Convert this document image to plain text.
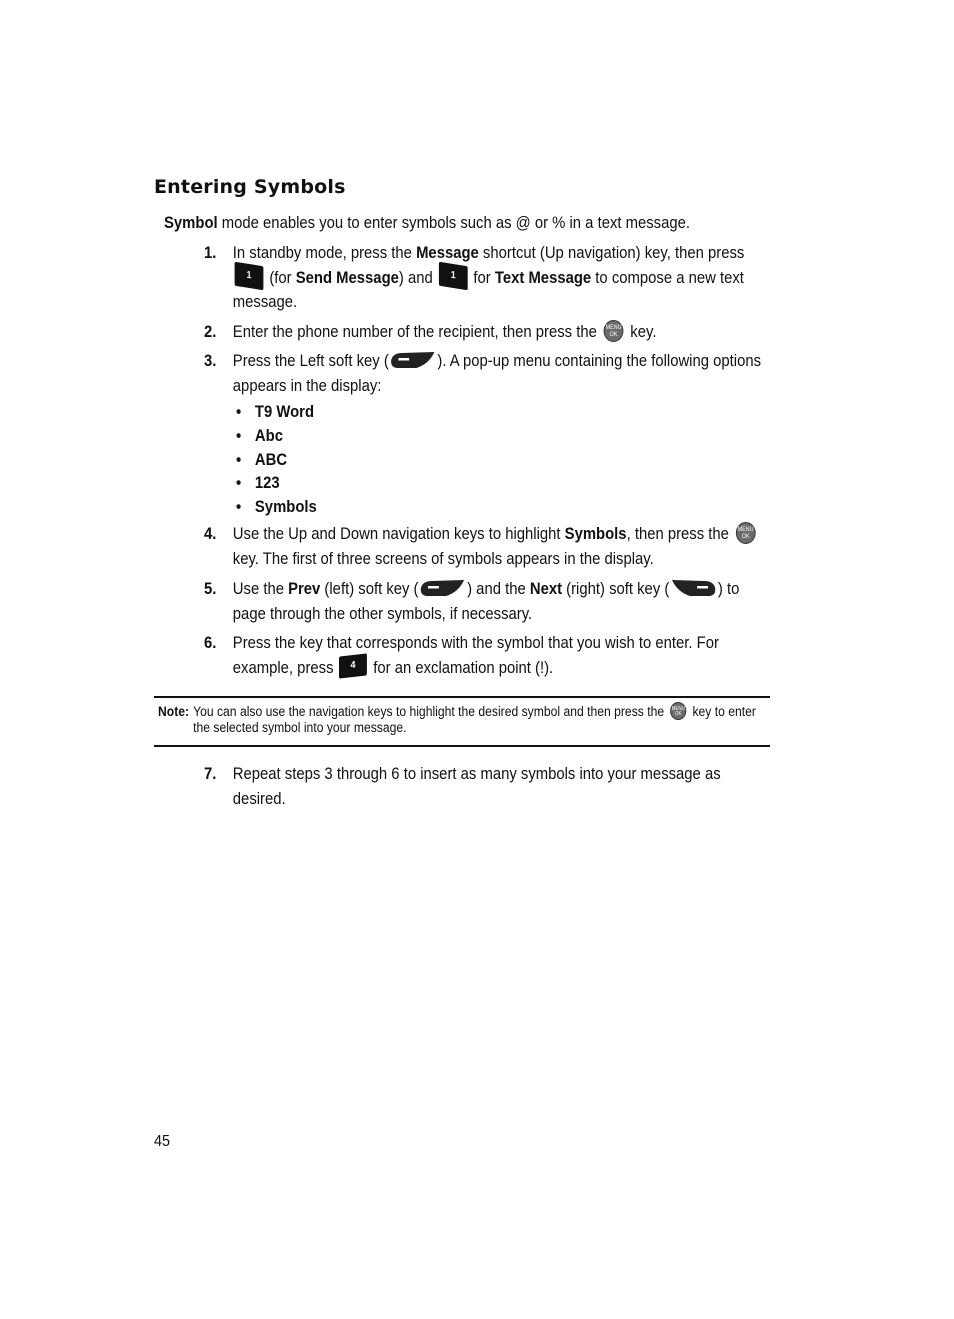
Entering Symbols
Symbol mode enables you to enter symbols such as @ or % in a text message.
1. In standby mode, press the Message shortcut (Up navigation) key, then press 1 (for Send Message) and 1 for Text Message to compose a new text message.
2. Enter the phone number of the recipient, then press the MENU
OK key.
3. Press the Left soft key (	). A pop-up menu containing the following options appears in the display:
• T9 Word
• Abc
• ABC
• 123
• Symbols
4. Use the Up and Down navigation keys to highlight Symbols, then press the MENU
OK key. The first of three screens of symbols appears in the display.
5. Use the Prev (left) soft key (	) and the Next (right) soft key (	) to page through the other symbols, if necessary.
6. Press the key that corresponds with the symbol that you wish to enter. For example, press 4 for an exclamation point (!).
Note: You can also use the navigation keys to highlight the desired symbol and then press the MENU
OK key to enter the selected symbol into your message.
7. Repeat steps 3 through 6 to insert as many symbols into your message as desired.
45
